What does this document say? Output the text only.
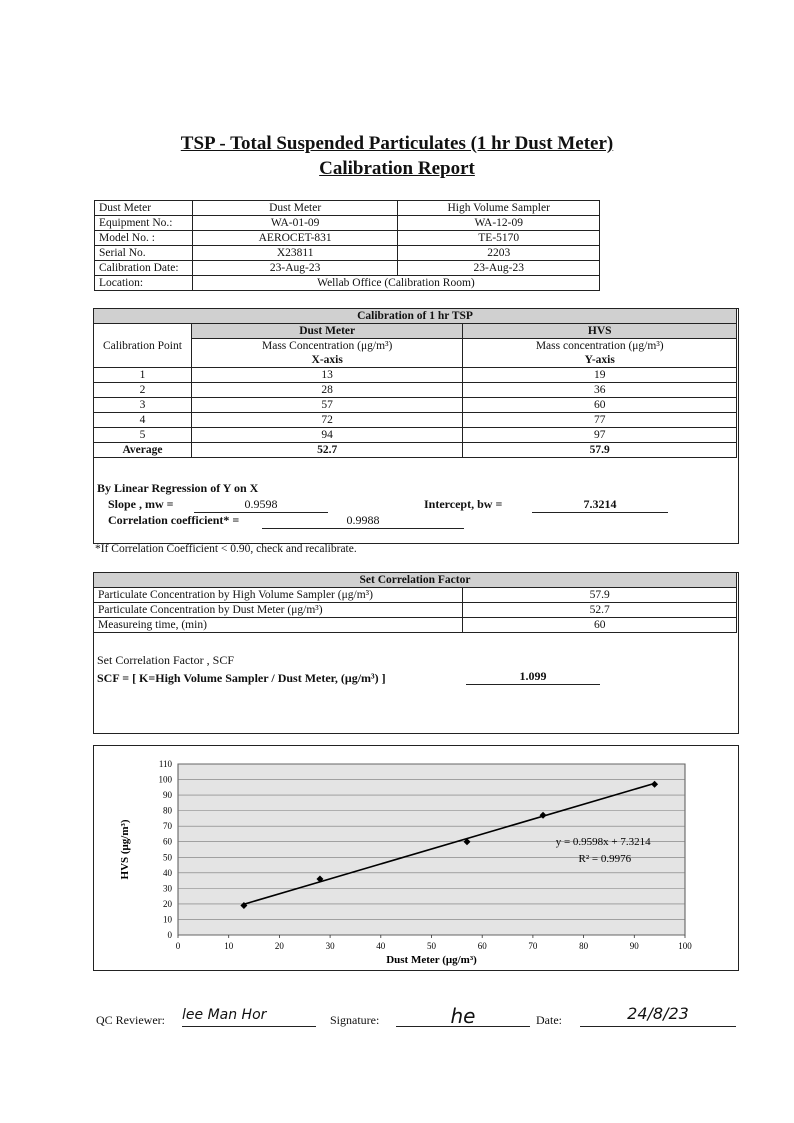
TSP - Total Suspended Particulates (1 hr Dust Meter)
Calibration Report
Dust Meter	Dust Meter	High Volume Sampler
Equipment No.:	WA-01-09	WA-12-09
Model No. :	AEROCET-831	TE-5170
Serial No.	X23811	2203
Calibration Date:	23-Aug-23	23-Aug-23
Location:	Wellab Office (Calibration Room)	
Calibration of 1 hr TSP		
Calibration Point	Dust Meter	HVS
	Mass Concentration (μg/m³)	Mass concentration (μg/m³)
	X-axis	Y-axis
1	13	19
2	28	36
3	57	60
4	72	77
5	94	97
Average	52.7	57.9
By Linear Regression of Y on X
Slope , mw =	0.9598	Intercept, bw =	7.3214
Correlation coefficient* =	0.9988
*If Correlation Coefficient < 0.90, check and recalibrate.
Set Correlation Factor	
Particulate Concentration by High Volume Sampler (μg/m³)	57.9
Particulate Concentration by Dust Meter (μg/m³)	52.7
Measureing time, (min)	60
Set Correlation Factor , SCF
SCF = [ K=High Volume Sampler / Dust Meter, (μg/m³) ]	1.099
0
10
20
30
40
50
60
70
80
90
100
110
0	10	20	30	40	50	60	70	80	90	100
y = 0.9598x + 7.3214
R² = 0.9976
Dust Meter (μg/m³)
HVS (μg/m³)
QC Reviewer: lee Man Hor	Signature:	he	Date:	24/8/23
